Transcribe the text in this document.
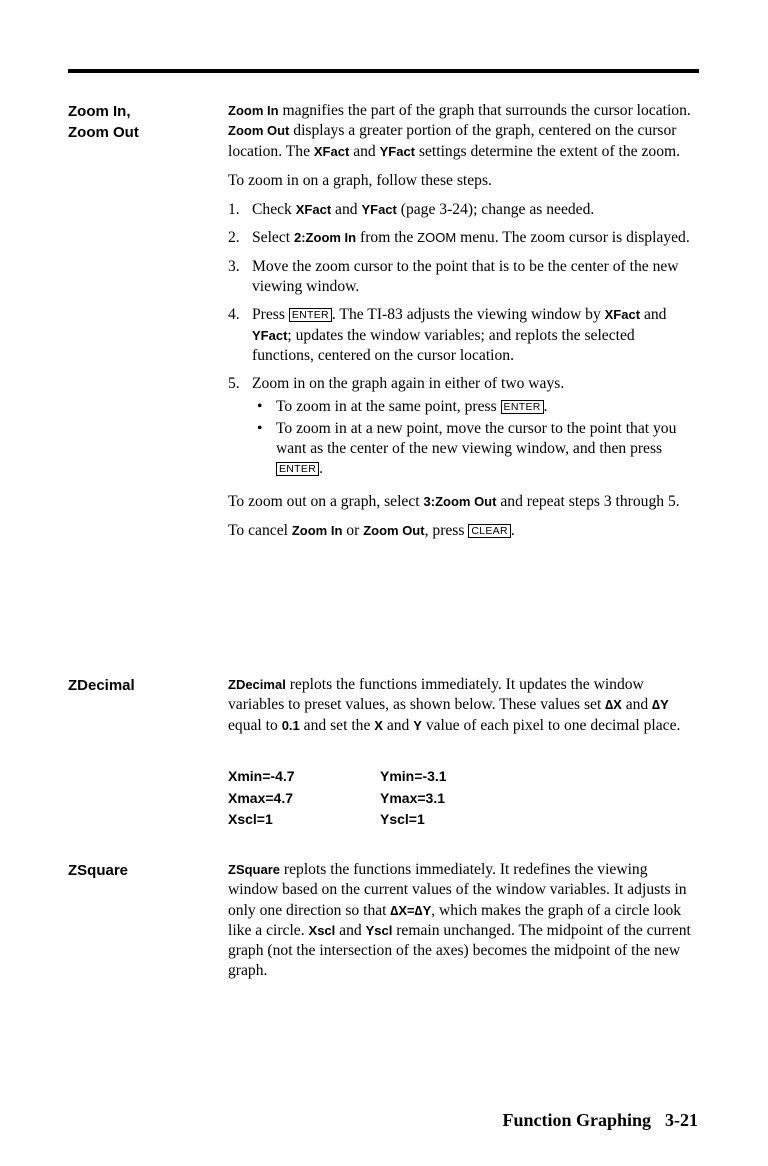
Zoom In,
Zoom Out

Zoom In magnifies the part of the graph that surrounds the cursor location. Zoom Out displays a greater portion of the graph, centered on the cursor location. The XFact and YFact settings determine the extent of the zoom.

To zoom in on a graph, follow these steps.

1. Check XFact and YFact (page 3-24); change as needed.
2. Select 2:Zoom In from the ZOOM menu. The zoom cursor is displayed.
3. Move the zoom cursor to the point that is to be the center of the new viewing window.
4. Press ENTER . The TI-83 adjusts the viewing window by XFact and YFact; updates the window variables; and replots the selected functions, centered on the cursor location.
5. Zoom in on the graph again in either of two ways.
• To zoom in at the same point, press ENTER .
• To zoom in at a new point, move the cursor to the point that you want as the center of the new viewing window, and then press ENTER .

To zoom out on a graph, select 3:Zoom Out and repeat steps 3 through 5.

To cancel Zoom In or Zoom Out, press CLEAR .

ZDecimal	ZDecimal replots the functions immediately. It updates the window variables to preset values, as shown below. These values set ∆X and ∆Y equal to 0.1 and set the X and Y value of each pixel to one decimal place.

Xmin=-4.7	Ymin=-3.1
Xmax=4.7	Ymax=3.1
Xscl=1	Yscl=1
ZSquare	ZSquare replots the functions immediately. It redefines the viewing window based on the current values of the window variables. It adjusts in only one direction so that ∆X=∆Y, which makes the graph of a circle look like a circle. Xscl and Yscl remain unchanged. The midpoint of the current graph (not the intersection of the axes) becomes the midpoint of the new graph.

Function Graphing 3-21
